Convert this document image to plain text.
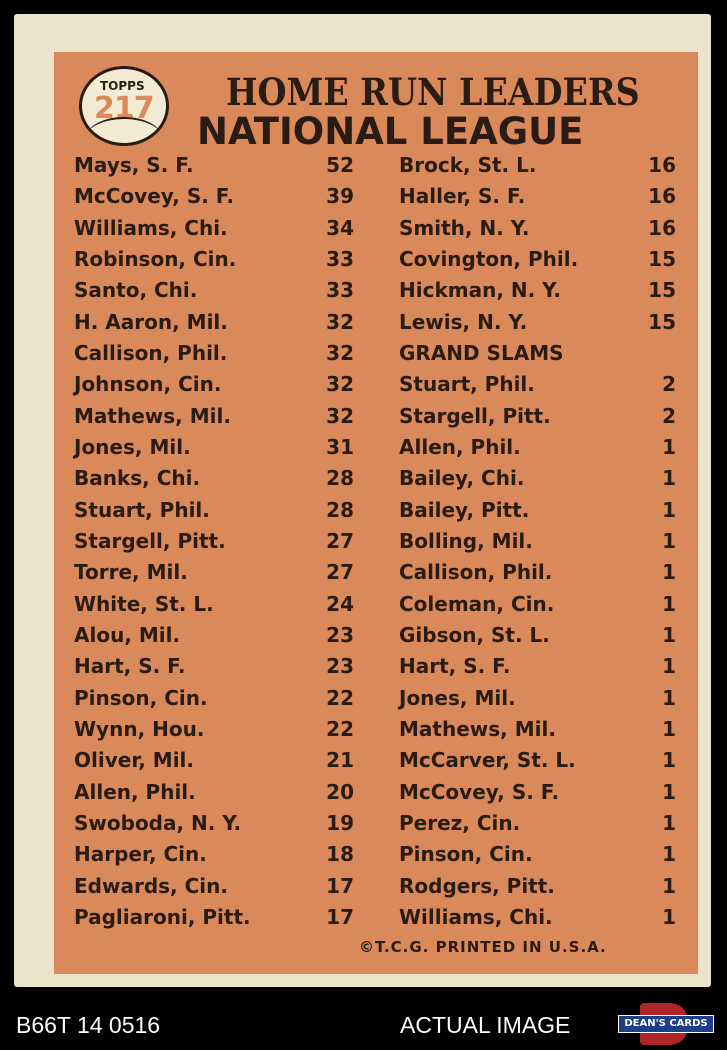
TOPPS
217 HOME RUN LEADERS
NATIONAL LEAGUE
Mays, S. F.	52
McCovey, S. F.	39
Williams, Chi.	34
Robinson, Cin.	33
Santo, Chi.	33
H. Aaron, Mil.	32
Callison, Phil.	32
Johnson, Cin.	32
Mathews, Mil.	32
Jones, Mil.	31
Banks, Chi.	28
Stuart, Phil.	28
Stargell, Pitt.	27
Torre, Mil.	27
White, St. L.	24
Alou, Mil.	23
Hart, S. F.	23
Pinson, Cin.	22
Wynn, Hou.	22
Oliver, Mil.	21
Allen, Phil.	20
Swoboda, N. Y.	19
Harper, Cin.	18
Edwards, Cin.	17
Pagliaroni, Pitt.	17
Brock, St. L.	16
Haller, S. F.	16
Smith, N. Y.	16
Covington, Phil.	15
Hickman, N. Y.	15
Lewis, N. Y.	15
GRAND SLAMS
Stuart, Phil.	2
Stargell, Pitt.	2
Allen, Phil.	1
Bailey, Chi.	1
Bailey, Pitt.	1
Bolling, Mil.	1
Callison, Phil.	1
Coleman, Cin.	1
Gibson, St. L.	1
Hart, S. F.	1
Jones, Mil.	1
Mathews, Mil.	1
McCarver, St. L.	1
McCovey, S. F.	1
Perez, Cin.	1
Pinson, Cin.	1
Rodgers, Pitt.	1
Williams, Chi.	1
©T.C.G. PRINTED IN U.S.A.
B66T 14 0516	ACTUAL IMAGE	DEAN'S CARDS
